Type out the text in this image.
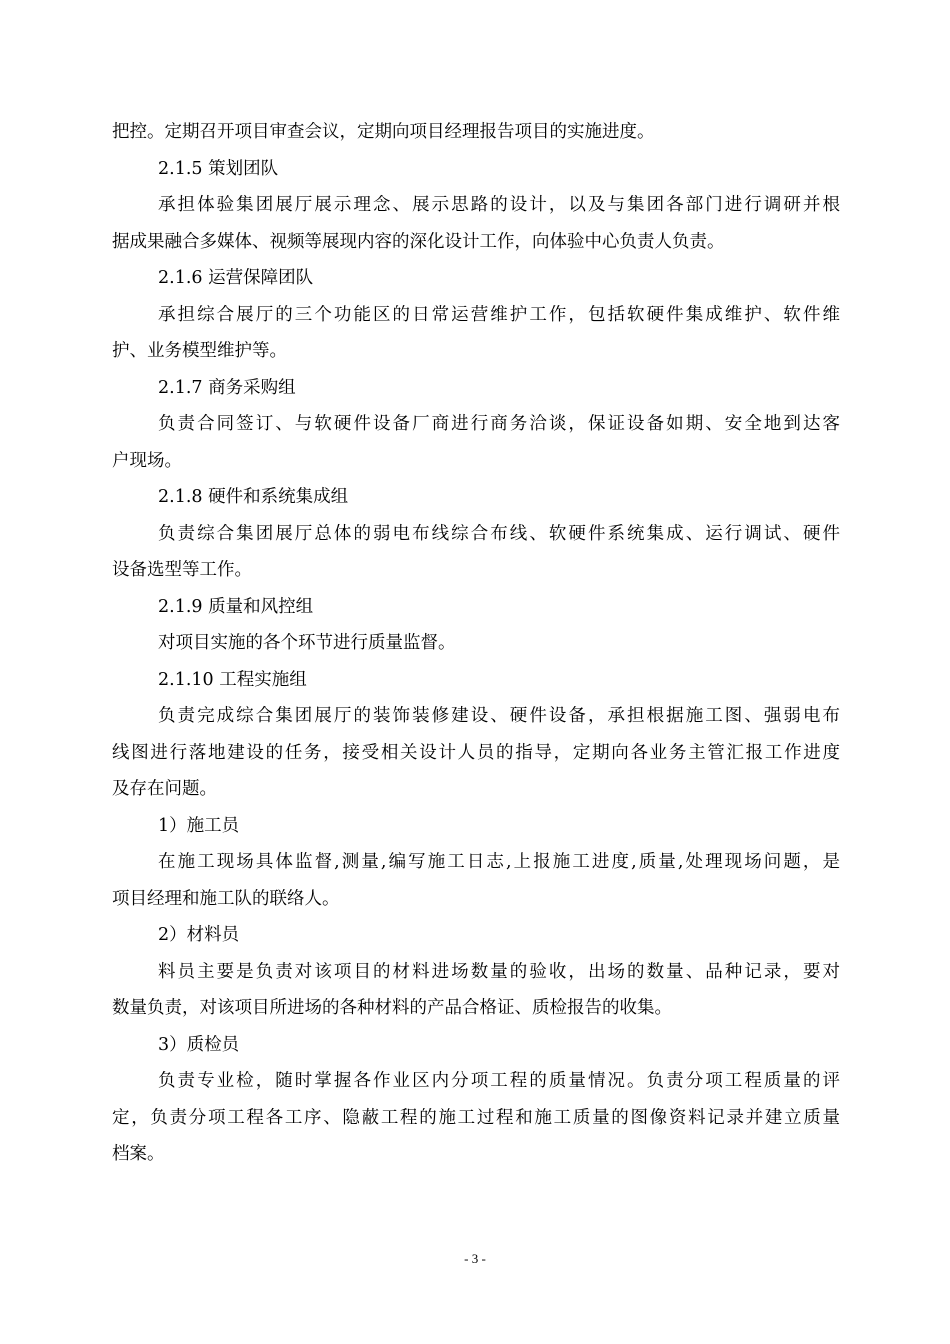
把控。定期召开项目审查会议，定期向项目经理报告项目的实施进度。

2.1.5 策划团队

承担体验集团展厅展示理念、展示思路的设计，以及与集团各部门进行调研并根

据成果融合多媒体、视频等展现内容的深化设计工作，向体验中心负责人负责。

2.1.6 运营保障团队

承担综合展厅的三个功能区的日常运营维护工作，包括软硬件集成维护、软件维

护、业务模型维护等。

2.1.7 商务采购组

负责合同签订、与软硬件设备厂商进行商务洽谈，保证设备如期、安全地到达客

户现场。

2.1.8 硬件和系统集成组

负责综合集团展厅总体的弱电布线综合布线、软硬件系统集成、运行调试、硬件

设备选型等工作。

2.1.9 质量和风控组

对项目实施的各个环节进行质量监督。

2.1.10 工程实施组

负责完成综合集团展厅的装饰装修建设、硬件设备，承担根据施工图、强弱电布

线图进行落地建设的任务，接受相关设计人员的指导，定期向各业务主管汇报工作进度

及存在问题。

1）施工员

在施工现场具体监督,测量,编写施工日志,上报施工进度,质量,处理现场问题，是

项目经理和施工队的联络人。

2）材料员

料员主要是负责对该项目的材料进场数量的验收，出场的数量、品种记录，要对

数量负责，对该项目所进场的各种材料的产品合格证、质检报告的收集。

3）质检员

负责专业检，随时掌握各作业区内分项工程的质量情况。负责分项工程质量的评

定，负责分项工程各工序、隐蔽工程的施工过程和施工质量的图像资料记录并建立质量

档案。

- 3 -
